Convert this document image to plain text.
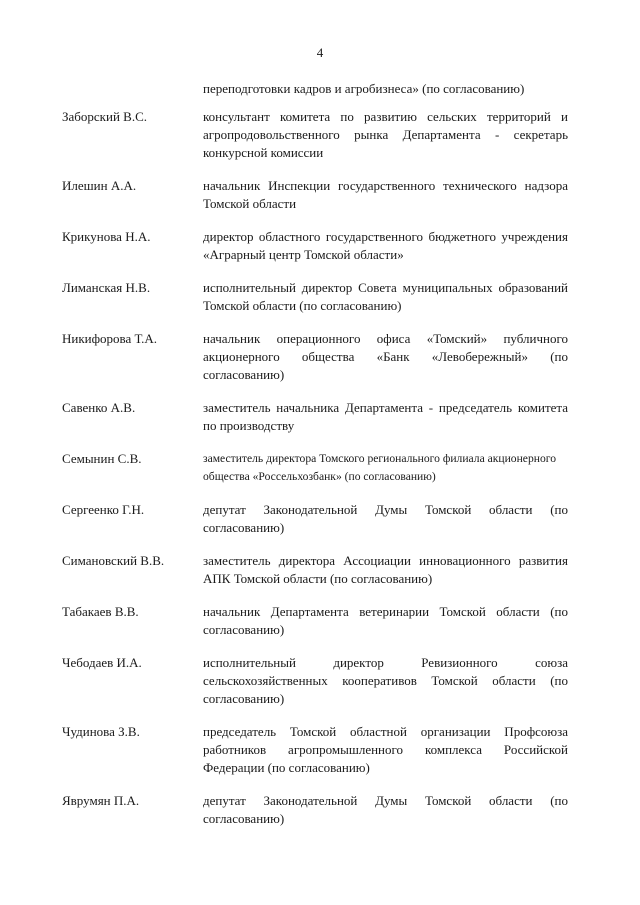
4
переподготовки кадров и агробизнеса» (по согласованию)
Заборский В.С.	консультант комитета по развитию сельских территорий и агропродовольственного рынка Департамента - секретарь конкурсной комиссии
Илешин А.А.	начальник Инспекции государственного технического надзора Томской области
Крикунова Н.А.	директор областного государственного бюджетного учреждения «Аграрный центр Томской области»
Лиманская Н.В.	исполнительный директор Совета муниципальных образований Томской области (по согласованию)
Никифорова Т.А.	начальник операционного офиса «Томский» публичного акционерного общества «Банк «Левобережный» (по согласованию)
Савенко А.В.	заместитель начальника Департамента - председатель комитета по производству
Семынин С.В.	заместитель директора Томского регионального филиала акционерного общества «Россельхозбанк» (по согласованию)
Сергеенко Г.Н.	депутат Законодательной Думы Томской области (по согласованию)
Симановский В.В.	заместитель директора Ассоциации инновационного развития АПК Томской области (по согласованию)
Табакаев В.В.	начальник Департамента ветеринарии Томской области (по согласованию)
Чебодаев И.А.	исполнительный директор Ревизионного союза сельскохозяйственных кооперативов Томской области (по согласованию)
Чудинова З.В.	председатель Томской областной организации Профсоюза работников агропромышленного комплекса Российской Федерации (по согласованию)
Яврумян П.А.	депутат Законодательной Думы Томской области (по согласованию)
